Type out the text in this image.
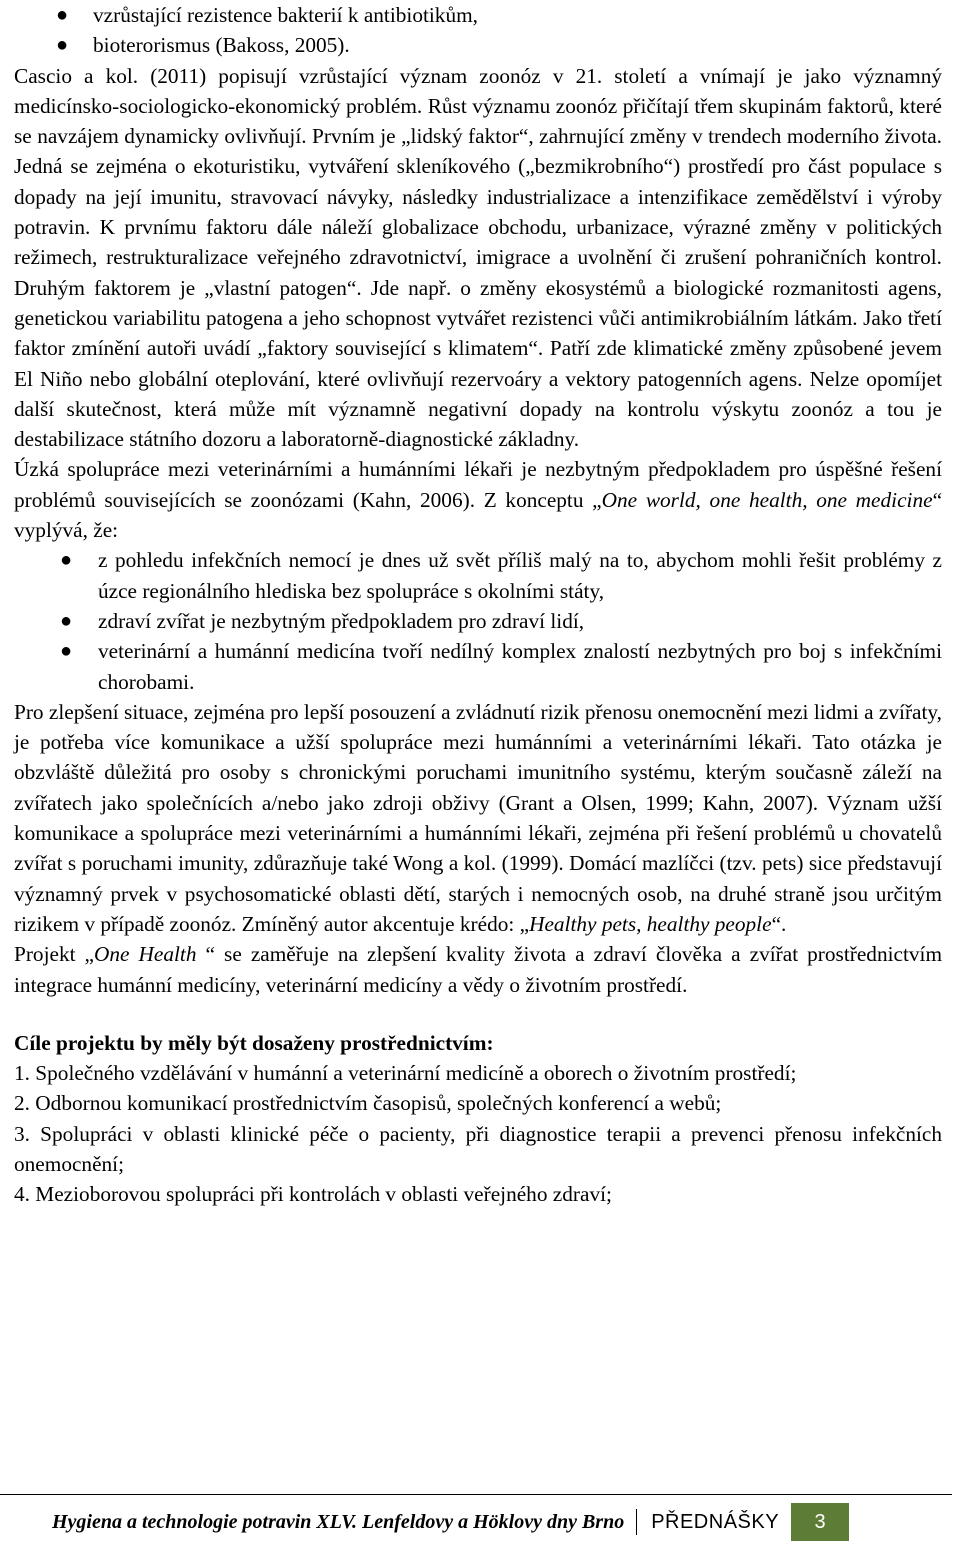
● vzrůstající rezistence bakterií k antibiotikům,
● bioterorismus (Bakoss, 2005).

Cascio a kol. (2011) popisují vzrůstající význam zoonóz v 21. století a vnímají je jako významný medicínsko-sociologicko-ekonomický problém. Růst významu zoonóz přičítají třem skupinám faktorů, které se navzájem dynamicky ovlivňují. Prvním je „lidský faktor“, zahrnující změny v trendech moderního života. Jedná se zejména o ekoturistiku, vytváření skleníkového („bezmikrobního“) prostředí pro část populace s dopady na její imunitu, stravovací návyky, následky industrializace a intenzifikace zemědělství i výroby potravin. K prvnímu faktoru dále náleží globalizace obchodu, urbanizace, výrazné změny v politických režimech, restrukturalizace veřejného zdravotnictví, imigrace a uvolnění či zrušení pohraničních kontrol. Druhým faktorem je „vlastní patogen“. Jde např. o změny ekosystémů a biologické rozmanitosti agens, genetickou variabilitu patogena a jeho schopnost vytvářet rezistenci vůči antimikrobiálním látkám. Jako třetí faktor zmínění autoři uvádí „faktory související s klimatem“. Patří zde klimatické změny způsobené jevem El Niño nebo globální oteplování, které ovlivňují rezervoáry a vektory patogenních agens. Nelze opomíjet další skutečnost, která může mít významně negativní dopady na kontrolu výskytu zoonóz a tou je destabilizace státního dozoru a laboratorně-diagnostické základny.

Úzká spolupráce mezi veterinárními a humánními lékaři je nezbytným předpokladem pro úspěšné řešení problémů souvisejících se zoonózami (Kahn, 2006). Z konceptu „One world, one health, one medicine“ vyplývá, že:

● z pohledu infekčních nemocí je dnes už svět příliš malý na to, abychom mohli řešit problémy z úzce regionálního hlediska bez spolupráce s okolními státy,
● zdraví zvířat je nezbytným předpokladem pro zdraví lidí,
● veterinární a humánní medicína tvoří nedílný komplex znalostí nezbytných pro boj s infekčními chorobami.

Pro zlepšení situace, zejména pro lepší posouzení a zvládnutí rizik přenosu onemocnění mezi lidmi a zvířaty, je potřeba více komunikace a užší spolupráce mezi humánními a veterinárními lékaři. Tato otázka je obzvláště důležitá pro osoby s chronickými poruchami imunitního systému, kterým současně záleží na zvířatech jako společnících a/nebo jako zdroji obživy (Grant a Olsen, 1999; Kahn, 2007). Význam užší komunikace a spolupráce mezi veterinárními a humánními lékaři, zejména při řešení problémů u chovatelů zvířat s poruchami imunity, zdůrazňuje také Wong a kol. (1999). Domácí mazlíčci (tzv. pets) sice představují významný prvek v psychosomatické oblasti dětí, starých i nemocných osob, na druhé straně jsou určitým rizikem v případě zoonóz. Zmíněný autor akcentuje krédo: „Healthy pets, healthy people“.

Projekt „One Health “ se zaměřuje na zlepšení kvality života a zdraví člověka a zvířat prostřednictvím integrace humánní medicíny, veterinární medicíny a vědy o životním prostředí.

Cíle projektu by měly být dosaženy prostřednictvím:

1. Společného vzdělávání v humánní a veterinární medicíně a oborech o životním prostředí;

2. Odbornou komunikací prostřednictvím časopisů, společných konferencí a webů;

3. Spolupráci v oblasti klinické péče o pacienty, při diagnostice terapii a prevenci přenosu infekčních onemocnění;

4. Mezioborovou spolupráci při kontrolách v oblasti veřejného zdraví;

Hygiena a technologie potravin XLV. Lenfeldovy a Höklovy dny Brno PŘEDNÁŠKY	3
